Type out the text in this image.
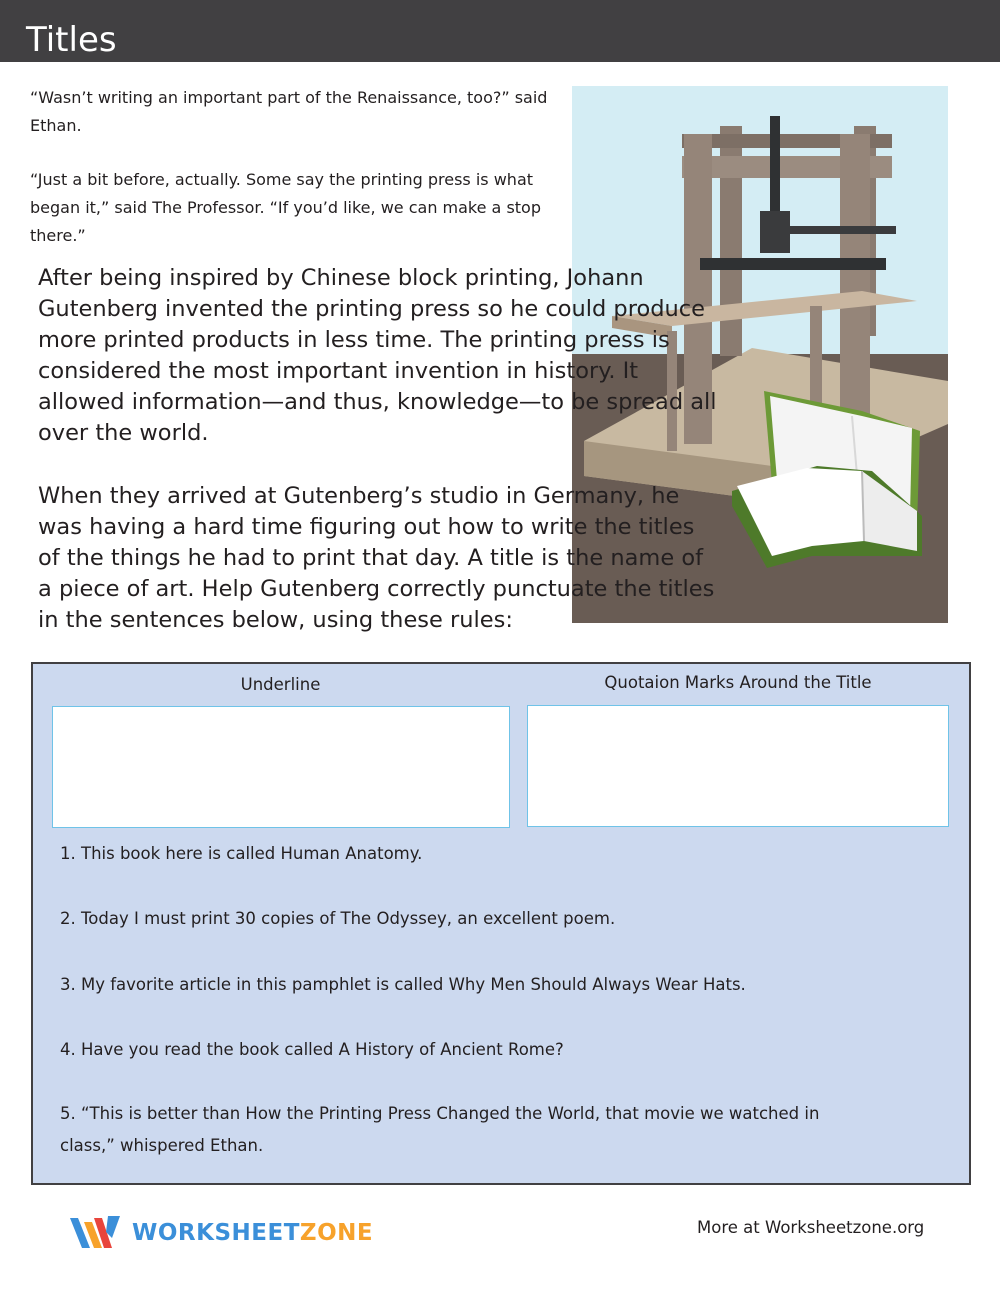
Titles
“Wasn’t writing an important part of the Renaissance, too?” said Ethan.
“Just a bit before, actually. Some say the printing press is what began it,” said The Professor. “If you’d like, we can make a stop there.”
After being inspired by Chinese block printing, Johann Gutenberg invented the printing press so he could produce more printed products in less time. The printing press is considered the most important invention in history. It allowed information—and thus, knowledge—to be spread all over the world.
When they arrived at Gutenberg’s studio in Germany, he was having a hard time figuring out how to write the titles of the things he had to print that day. A title is the name of a piece of art. Help Gutenberg correctly punctuate the titles in the sentences below, using these rules:
Underline	Quotaion Marks Around the Title
1. This book here is called Human Anatomy.
2. Today I must print 30 copies of The Odyssey, an excellent poem.
3. My favorite article in this pamphlet is called Why Men Should Always Wear Hats.
4. Have you read the book called A History of Ancient Rome?
5. “This is better than How the Printing Press Changed the World, that movie we watched in class,” whispered Ethan.
WORKSHEETZONE	More at Worksheetzone.org
